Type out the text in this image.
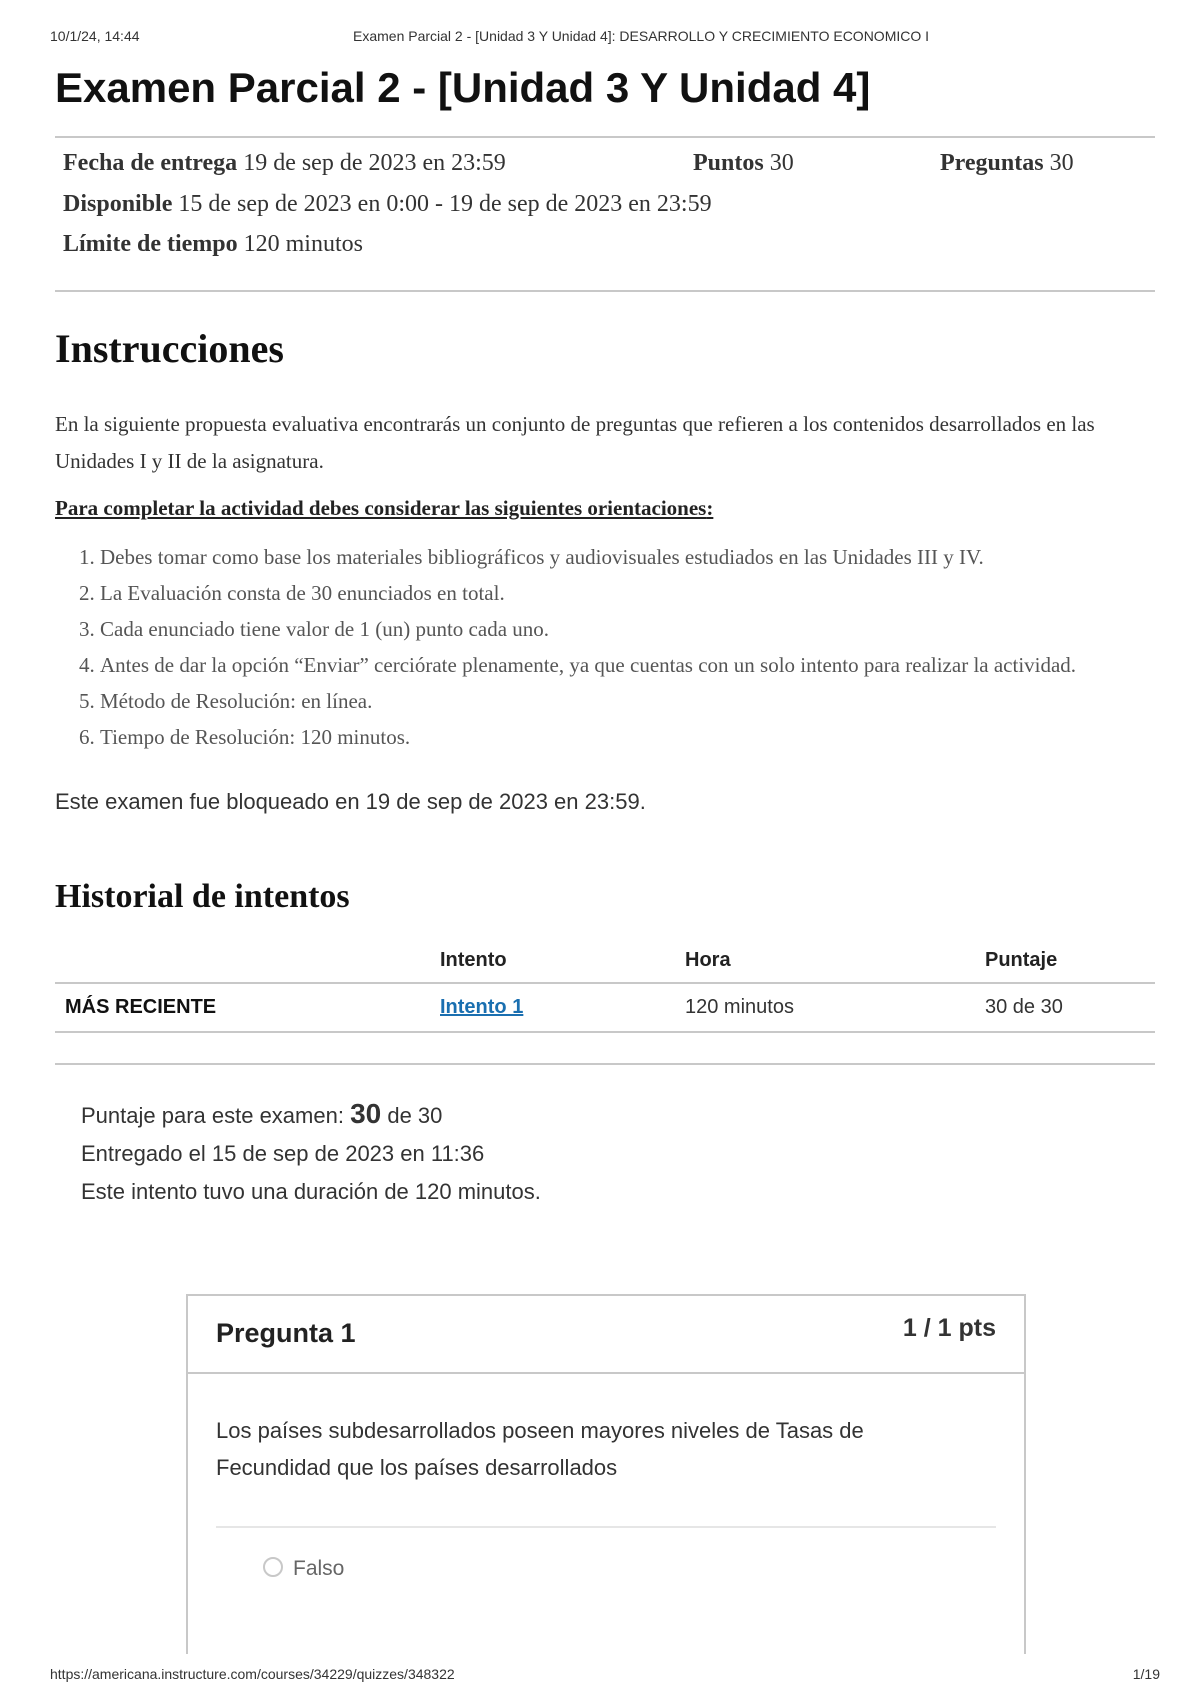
10/1/24, 14:44	Examen Parcial 2 - [Unidad 3 Y Unidad 4]: DESARROLLO Y CRECIMIENTO ECONOMICO I
Examen Parcial 2 - [Unidad 3 Y Unidad 4]
Fecha de entrega 19 de sep de 2023 en 23:59	Puntos 30	Preguntas 30
Disponible 15 de sep de 2023 en 0:00 - 19 de sep de 2023 en 23:59
Límite de tiempo 120 minutos
Instrucciones
En la siguiente propuesta evaluativa encontrarás un conjunto de preguntas que refieren a los contenidos desarrollados en las Unidades I y II de la asignatura.
Para completar la actividad debes considerar las siguientes orientaciones:
1. Debes tomar como base los materiales bibliográficos y audiovisuales estudiados en las Unidades III y IV.
2. La Evaluación consta de 30 enunciados en total.
3. Cada enunciado tiene valor de 1 (un) punto cada uno.
4. Antes de dar la opción “Enviar” cerciórate plenamente, ya que cuentas con un solo intento para realizar la actividad.
5. Método de Resolución: en línea.
6. Tiempo de Resolución: 120 minutos.
Este examen fue bloqueado en 19 de sep de 2023 en 23:59.
Historial de intentos
	Intento	Hora	Puntaje
MÁS RECIENTE	Intento 1	120 minutos	30 de 30
Puntaje para este examen: 30 de 30
Entregado el 15 de sep de 2023 en 11:36
Este intento tuvo una duración de 120 minutos.
Pregunta 1	1 / 1 pts
Los países subdesarrollados poseen mayores niveles de Tasas de Fecundidad que los países desarrollados
Falso
https://americana.instructure.com/courses/34229/quizzes/348322	1/19
